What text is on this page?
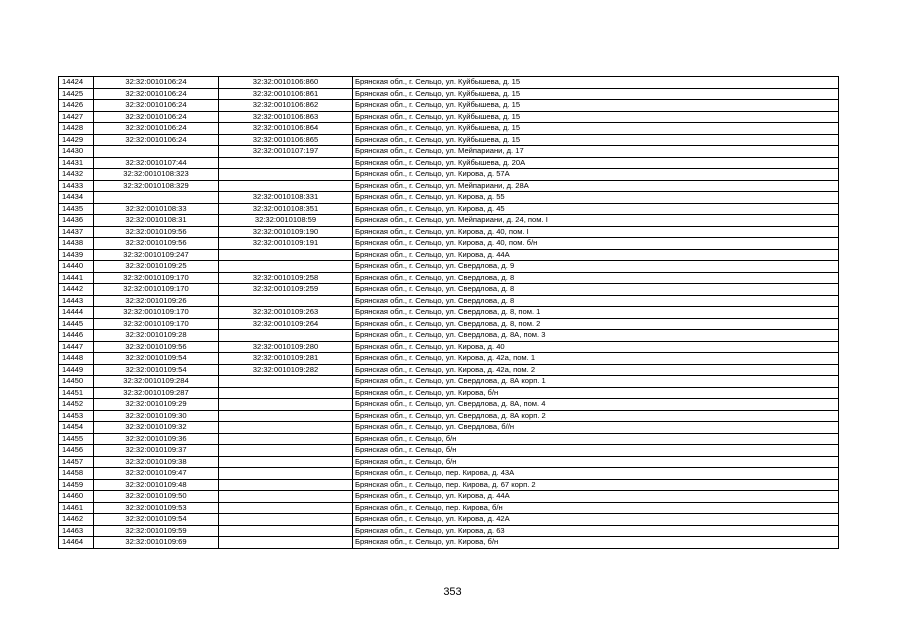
14424	32:32:0010106:24	32:32:0010106:860	Брянская обл., г. Сельцо, ул. Куйбышева, д. 15
14425	32:32:0010106:24	32:32:0010106:861	Брянская обл., г. Сельцо, ул. Куйбышева, д. 15
14426	32:32:0010106:24	32:32:0010106:862	Брянская обл., г. Сельцо, ул. Куйбышева, д. 15
14427	32:32:0010106:24	32:32:0010106:863	Брянская обл., г. Сельцо, ул. Куйбышева, д. 15
14428	32:32:0010106:24	32:32:0010106:864	Брянская обл., г. Сельцо, ул. Куйбышева, д. 15
14429	32:32:0010106:24	32:32:0010106:865	Брянская обл., г. Сельцо, ул. Куйбышева, д. 15
14430		32:32:0010107:197	Брянская обл., г. Сельцо, ул. Мейпариани, д. 17
14431	32:32:0010107:44		Брянская обл., г. Сельцо, ул. Куйбышева, д. 20А
14432	32:32:0010108:323		Брянская обл., г. Сельцо, ул. Кирова, д. 57А
14433	32:32:0010108:329		Брянская обл., г. Сельцо, ул. Мейпариани, д. 28А
14434		32:32:0010108:331	Брянская обл., г. Сельцо, ул. Кирова, д. 55
14435	32:32:0010108:33	32:32:0010108:351	Брянская обл., г. Сельцо, ул. Кирова, д. 45
14436	32:32:0010108:31	32:32:0010108:59	Брянская обл., г. Сельцо, ул. Мейпариани, д. 24, пом. I
14437	32:32:0010109:56	32:32:0010109:190	Брянская обл., г. Сельцо, ул. Кирова, д. 40, пом. I
14438	32:32:0010109:56	32:32:0010109:191	Брянская обл., г. Сельцо, ул. Кирова, д. 40, пом. б/н
14439	32:32:0010109:247		Брянская обл., г. Сельцо, ул. Кирова, д. 44А
14440	32:32:0010109:25		Брянская обл., г. Сельцо, ул. Свердлова, д. 9
14441	32:32:0010109:170	32:32:0010109:258	Брянская обл., г. Сельцо, ул. Свердлова, д. 8
14442	32:32:0010109:170	32:32:0010109:259	Брянская обл., г. Сельцо, ул. Свердлова, д. 8
14443	32:32:0010109:26		Брянская обл., г. Сельцо, ул. Свердлова, д. 8
14444	32:32:0010109:170	32:32:0010109:263	Брянская обл., г. Сельцо, ул. Свердлова, д. 8, пом. 1
14445	32:32:0010109:170	32:32:0010109:264	Брянская обл., г. Сельцо, ул. Свердлова, д. 8, пом. 2
14446	32:32:0010109:28		Брянская обл., г. Сельцо, ул. Свердлова, д. 8А, пом. 3
14447	32:32:0010109:56	32:32:0010109:280	Брянская обл., г. Сельцо, ул. Кирова, д. 40
14448	32:32:0010109:54	32:32:0010109:281	Брянская обл., г. Сельцо, ул. Кирова, д. 42а, пом. 1
14449	32:32:0010109:54	32:32:0010109:282	Брянская обл., г. Сельцо, ул. Кирова, д. 42а, пом. 2
14450	32:32:0010109:284		Брянская обл., г. Сельцо, ул. Свердлова, д. 8А корп. 1
14451	32:32:0010109:287		Брянская обл., г. Сельцо, ул. Кирова, б/н
14452	32:32:0010109:29		Брянская обл., г. Сельцо, ул. Свердлова, д. 8А, пом. 4
14453	32:32:0010109:30		Брянская обл., г. Сельцо, ул. Свердлова, д. 8А корп. 2
14454	32:32:0010109:32		Брянская обл., г. Сельцо, ул. Свердлова, б//н
14455	32:32:0010109:36		Брянская обл., г. Сельцо, б/н
14456	32:32:0010109:37		Брянская обл., г. Сельцо, б/н
14457	32:32:0010109:38		Брянская обл., г. Сельцо, б/н
14458	32:32:0010109:47		Брянская обл., г. Сельцо, пер. Кирова, д. 43А
14459	32:32:0010109:48		Брянская обл., г. Сельцо, пер. Кирова, д. 67 корп. 2
14460	32:32:0010109:50		Брянская обл., г. Сельцо, ул. Кирова, д. 44А
14461	32:32:0010109:53		Брянская обл., г. Сельцо, пер. Кирова, б/н
14462	32:32:0010109:54		Брянская обл., г. Сельцо, ул. Кирова, д. 42А
14463	32:32:0010109:59		Брянская обл., г. Сельцо, ул. Кирова, д. 63
14464	32:32:0010109:69		Брянская обл., г. Сельцо, ул. Кирова, б/н
353
